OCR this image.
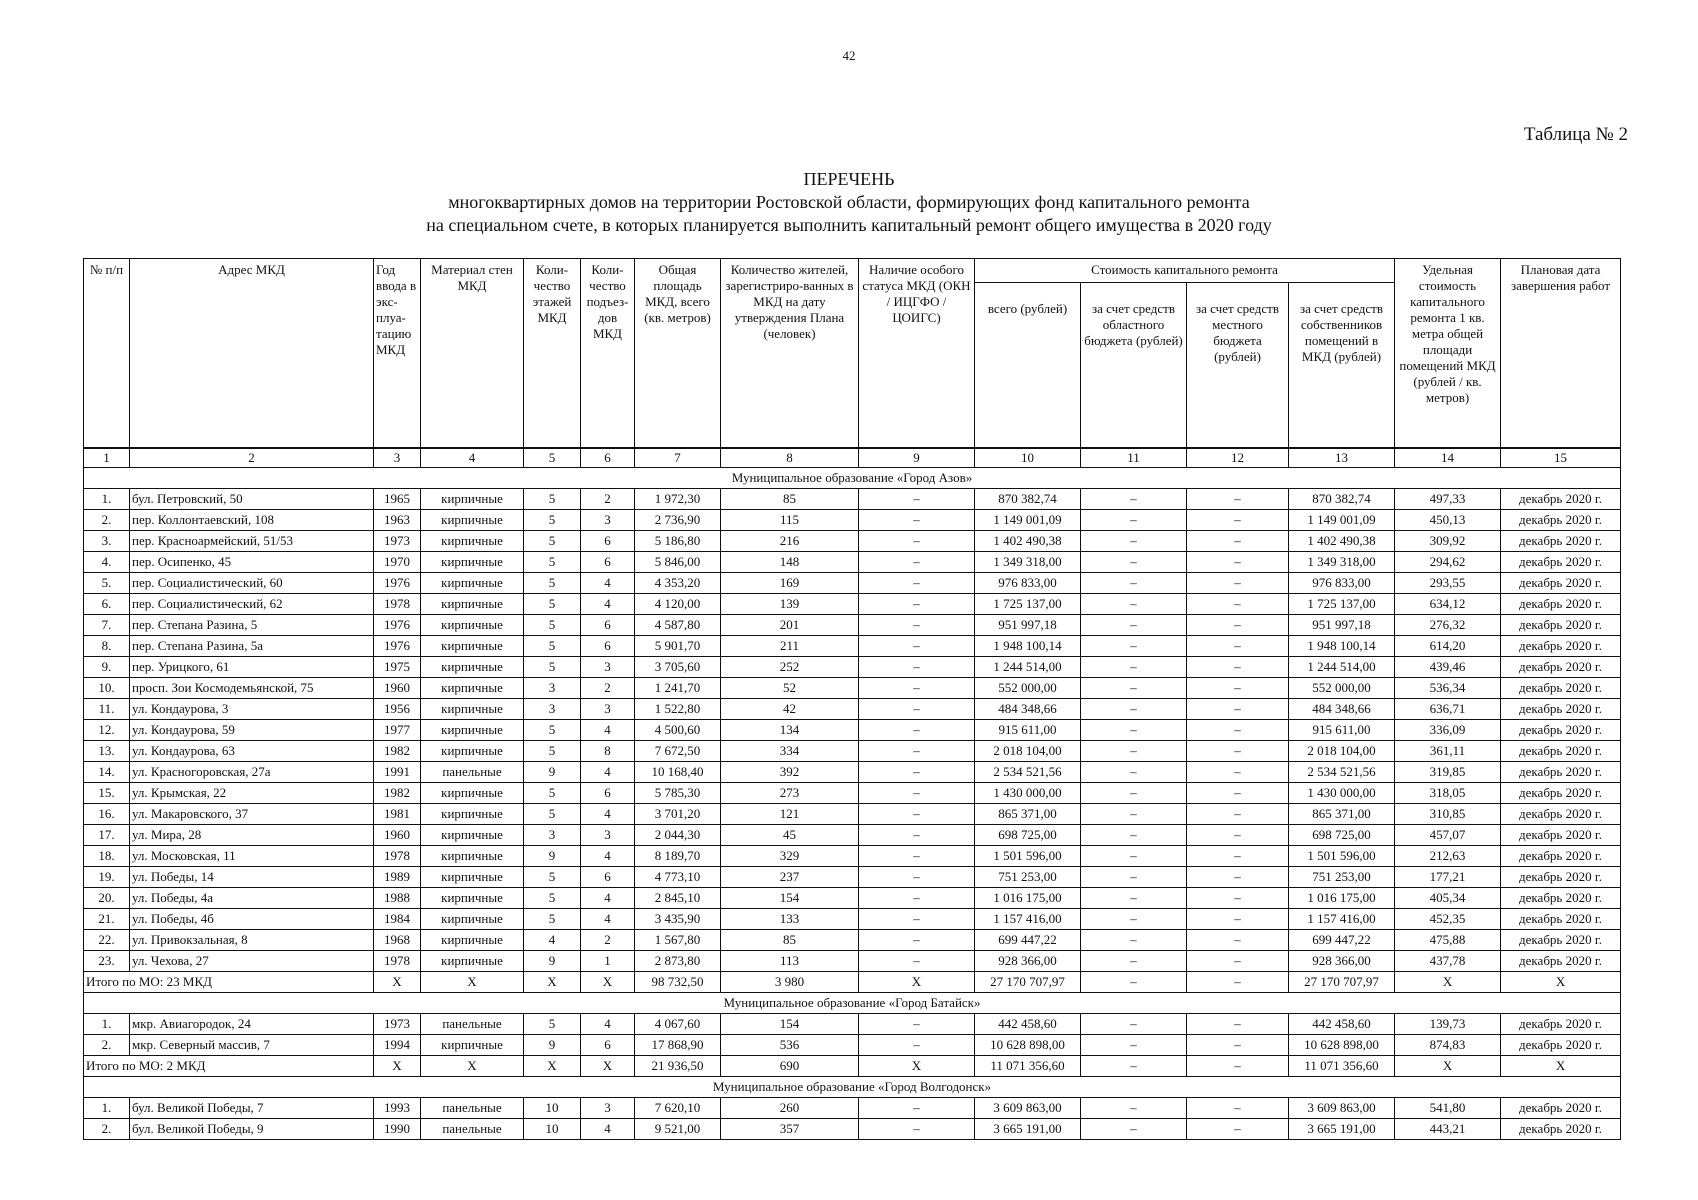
42
Таблица № 2
ПЕРЕЧЕНЬ
многоквартирных домов на территории Ростовской области, формирующих фонд капитального ремонта
на специальном счете, в которых планируется выполнить капитальный ремонт общего имущества в 2020 году
№ п/п	Адрес МКД	Год ввода в экс-плуа-тацию МКД	Материал стен МКД	Коли-чество этажей МКД	Коли-чество подъез-дов МКД	Общая площадь МКД, всего (кв. метров)	Количество жителей, зарегистриро-ванных в МКД на дату утверждения Плана (человек)	Наличие особого статуса МКД (ОКН / ИЦГФО / ЦОИГС)	Стоимость капитального ремонта				Удельная стоимость капитального ремонта 1 кв. метра общей площади помещений МКД (рублей / кв. метров)	Плановая дата завершения работ
									всего (рублей)	за счет средств областного бюджета (рублей)	за счет средств местного бюджета (рублей)	за счет средств собственников помещений в МКД (рублей)		
1	2	3	4	5	6	7	8	9	10	11	12	13	14	15
Муниципальное образование «Город Азов»														
1.	бул. Петровский, 50	1965	кирпичные	5	2	1 972,30	85	–	870 382,74	–	–	870 382,74	497,33	декабрь 2020 г.
2.	пер. Коллонтаевский, 108	1963	кирпичные	5	3	2 736,90	115	–	1 149 001,09	–	–	1 149 001,09	450,13	декабрь 2020 г.
3.	пер. Красноармейский, 51/53	1973	кирпичные	5	6	5 186,80	216	–	1 402 490,38	–	–	1 402 490,38	309,92	декабрь 2020 г.
4.	пер. Осипенко, 45	1970	кирпичные	5	6	5 846,00	148	–	1 349 318,00	–	–	1 349 318,00	294,62	декабрь 2020 г.
5.	пер. Социалистический, 60	1976	кирпичные	5	4	4 353,20	169	–	976 833,00	–	–	976 833,00	293,55	декабрь 2020 г.
6.	пер. Социалистический, 62	1978	кирпичные	5	4	4 120,00	139	–	1 725 137,00	–	–	1 725 137,00	634,12	декабрь 2020 г.
7.	пер. Степана Разина, 5	1976	кирпичные	5	6	4 587,80	201	–	951 997,18	–	–	951 997,18	276,32	декабрь 2020 г.
8.	пер. Степана Разина, 5а	1976	кирпичные	5	6	5 901,70	211	–	1 948 100,14	–	–	1 948 100,14	614,20	декабрь 2020 г.
9.	пер. Урицкого, 61	1975	кирпичные	5	3	3 705,60	252	–	1 244 514,00	–	–	1 244 514,00	439,46	декабрь 2020 г.
10.	просп. Зои Космодемьянской, 75	1960	кирпичные	3	2	1 241,70	52	–	552 000,00	–	–	552 000,00	536,34	декабрь 2020 г.
11.	ул. Кондаурова, 3	1956	кирпичные	3	3	1 522,80	42	–	484 348,66	–	–	484 348,66	636,71	декабрь 2020 г.
12.	ул. Кондаурова, 59	1977	кирпичные	5	4	4 500,60	134	–	915 611,00	–	–	915 611,00	336,09	декабрь 2020 г.
13.	ул. Кондаурова, 63	1982	кирпичные	5	8	7 672,50	334	–	2 018 104,00	–	–	2 018 104,00	361,11	декабрь 2020 г.
14.	ул. Красногоровская, 27а	1991	панельные	9	4	10 168,40	392	–	2 534 521,56	–	–	2 534 521,56	319,85	декабрь 2020 г.
15.	ул. Крымская, 22	1982	кирпичные	5	6	5 785,30	273	–	1 430 000,00	–	–	1 430 000,00	318,05	декабрь 2020 г.
16.	ул. Макаровского, 37	1981	кирпичные	5	4	3 701,20	121	–	865 371,00	–	–	865 371,00	310,85	декабрь 2020 г.
17.	ул. Мира, 28	1960	кирпичные	3	3	2 044,30	45	–	698 725,00	–	–	698 725,00	457,07	декабрь 2020 г.
18.	ул. Московская, 11	1978	кирпичные	9	4	8 189,70	329	–	1 501 596,00	–	–	1 501 596,00	212,63	декабрь 2020 г.
19.	ул. Победы, 14	1989	кирпичные	5	6	4 773,10	237	–	751 253,00	–	–	751 253,00	177,21	декабрь 2020 г.
20.	ул. Победы, 4а	1988	кирпичные	5	4	2 845,10	154	–	1 016 175,00	–	–	1 016 175,00	405,34	декабрь 2020 г.
21.	ул. Победы, 4б	1984	кирпичные	5	4	3 435,90	133	–	1 157 416,00	–	–	1 157 416,00	452,35	декабрь 2020 г.
22.	ул. Привокзальная, 8	1968	кирпичные	4	2	1 567,80	85	–	699 447,22	–	–	699 447,22	475,88	декабрь 2020 г.
23.	ул. Чехова, 27	1978	кирпичные	9	1	2 873,80	113	–	928 366,00	–	–	928 366,00	437,78	декабрь 2020 г.
Итого по МО: 23 МКД		X	X	X	X	98 732,50	3 980	X	27 170 707,97	–	–	27 170 707,97	X	X
Муниципальное образование «Город Батайск»														
1.	мкр. Авиагородок, 24	1973	панельные	5	4	4 067,60	154	–	442 458,60	–	–	442 458,60	139,73	декабрь 2020 г.
2.	мкр. Северный массив, 7	1994	кирпичные	9	6	17 868,90	536	–	10 628 898,00	–	–	10 628 898,00	874,83	декабрь 2020 г.
Итого по МО: 2 МКД		X	X	X	X	21 936,50	690	X	11 071 356,60	–	–	11 071 356,60	X	X
Муниципальное образование «Город Волгодонск»														
1.	бул. Великой Победы, 7	1993	панельные	10	3	7 620,10	260	–	3 609 863,00	–	–	3 609 863,00	541,80	декабрь 2020 г.
2.	бул. Великой Победы, 9	1990	панельные	10	4	9 521,00	357	–	3 665 191,00	–	–	3 665 191,00	443,21	декабрь 2020 г.
